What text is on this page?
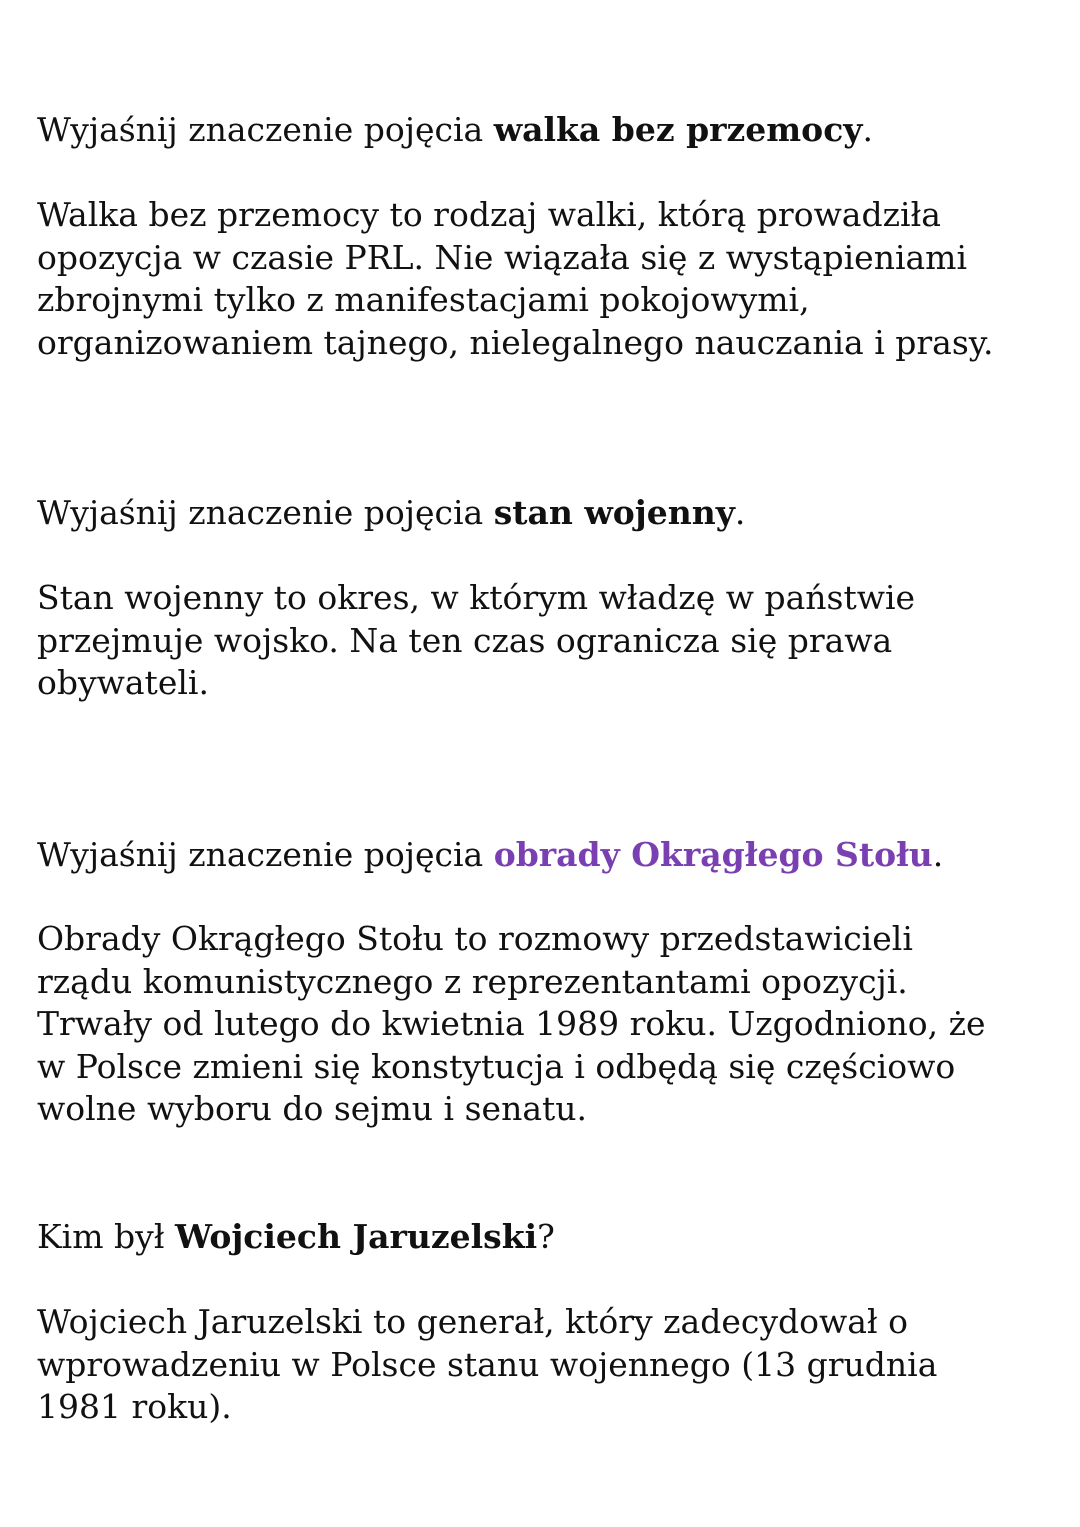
Wyjaśnij znaczenie pojęcia walka bez przemocy.

Walka bez przemocy to rodzaj walki, którą prowadziła
opozycja w czasie PRL. Nie wiązała się z wystąpieniami
zbrojnymi tylko z manifestacjami pokojowymi,
organizowaniem tajnego, nielegalnego nauczania i prasy.

Wyjaśnij znaczenie pojęcia stan wojenny.

Stan wojenny to okres, w którym władzę w państwie
przejmuje wojsko. Na ten czas ogranicza się prawa
obywateli.

Wyjaśnij znaczenie pojęcia obrady Okrągłego Stołu.

Obrady Okrągłego Stołu to rozmowy przedstawicieli
rządu komunistycznego z reprezentantami opozycji.
Trwały od lutego do kwietnia 1989 roku. Uzgodniono, że
w Polsce zmieni się konstytucja i odbędą się częściowo
wolne wyboru do sejmu i senatu.

Kim był Wojciech Jaruzelski?

Wojciech Jaruzelski to generał, który zadecydował o
wprowadzeniu w Polsce stanu wojennego (13 grudnia
1981 roku).
